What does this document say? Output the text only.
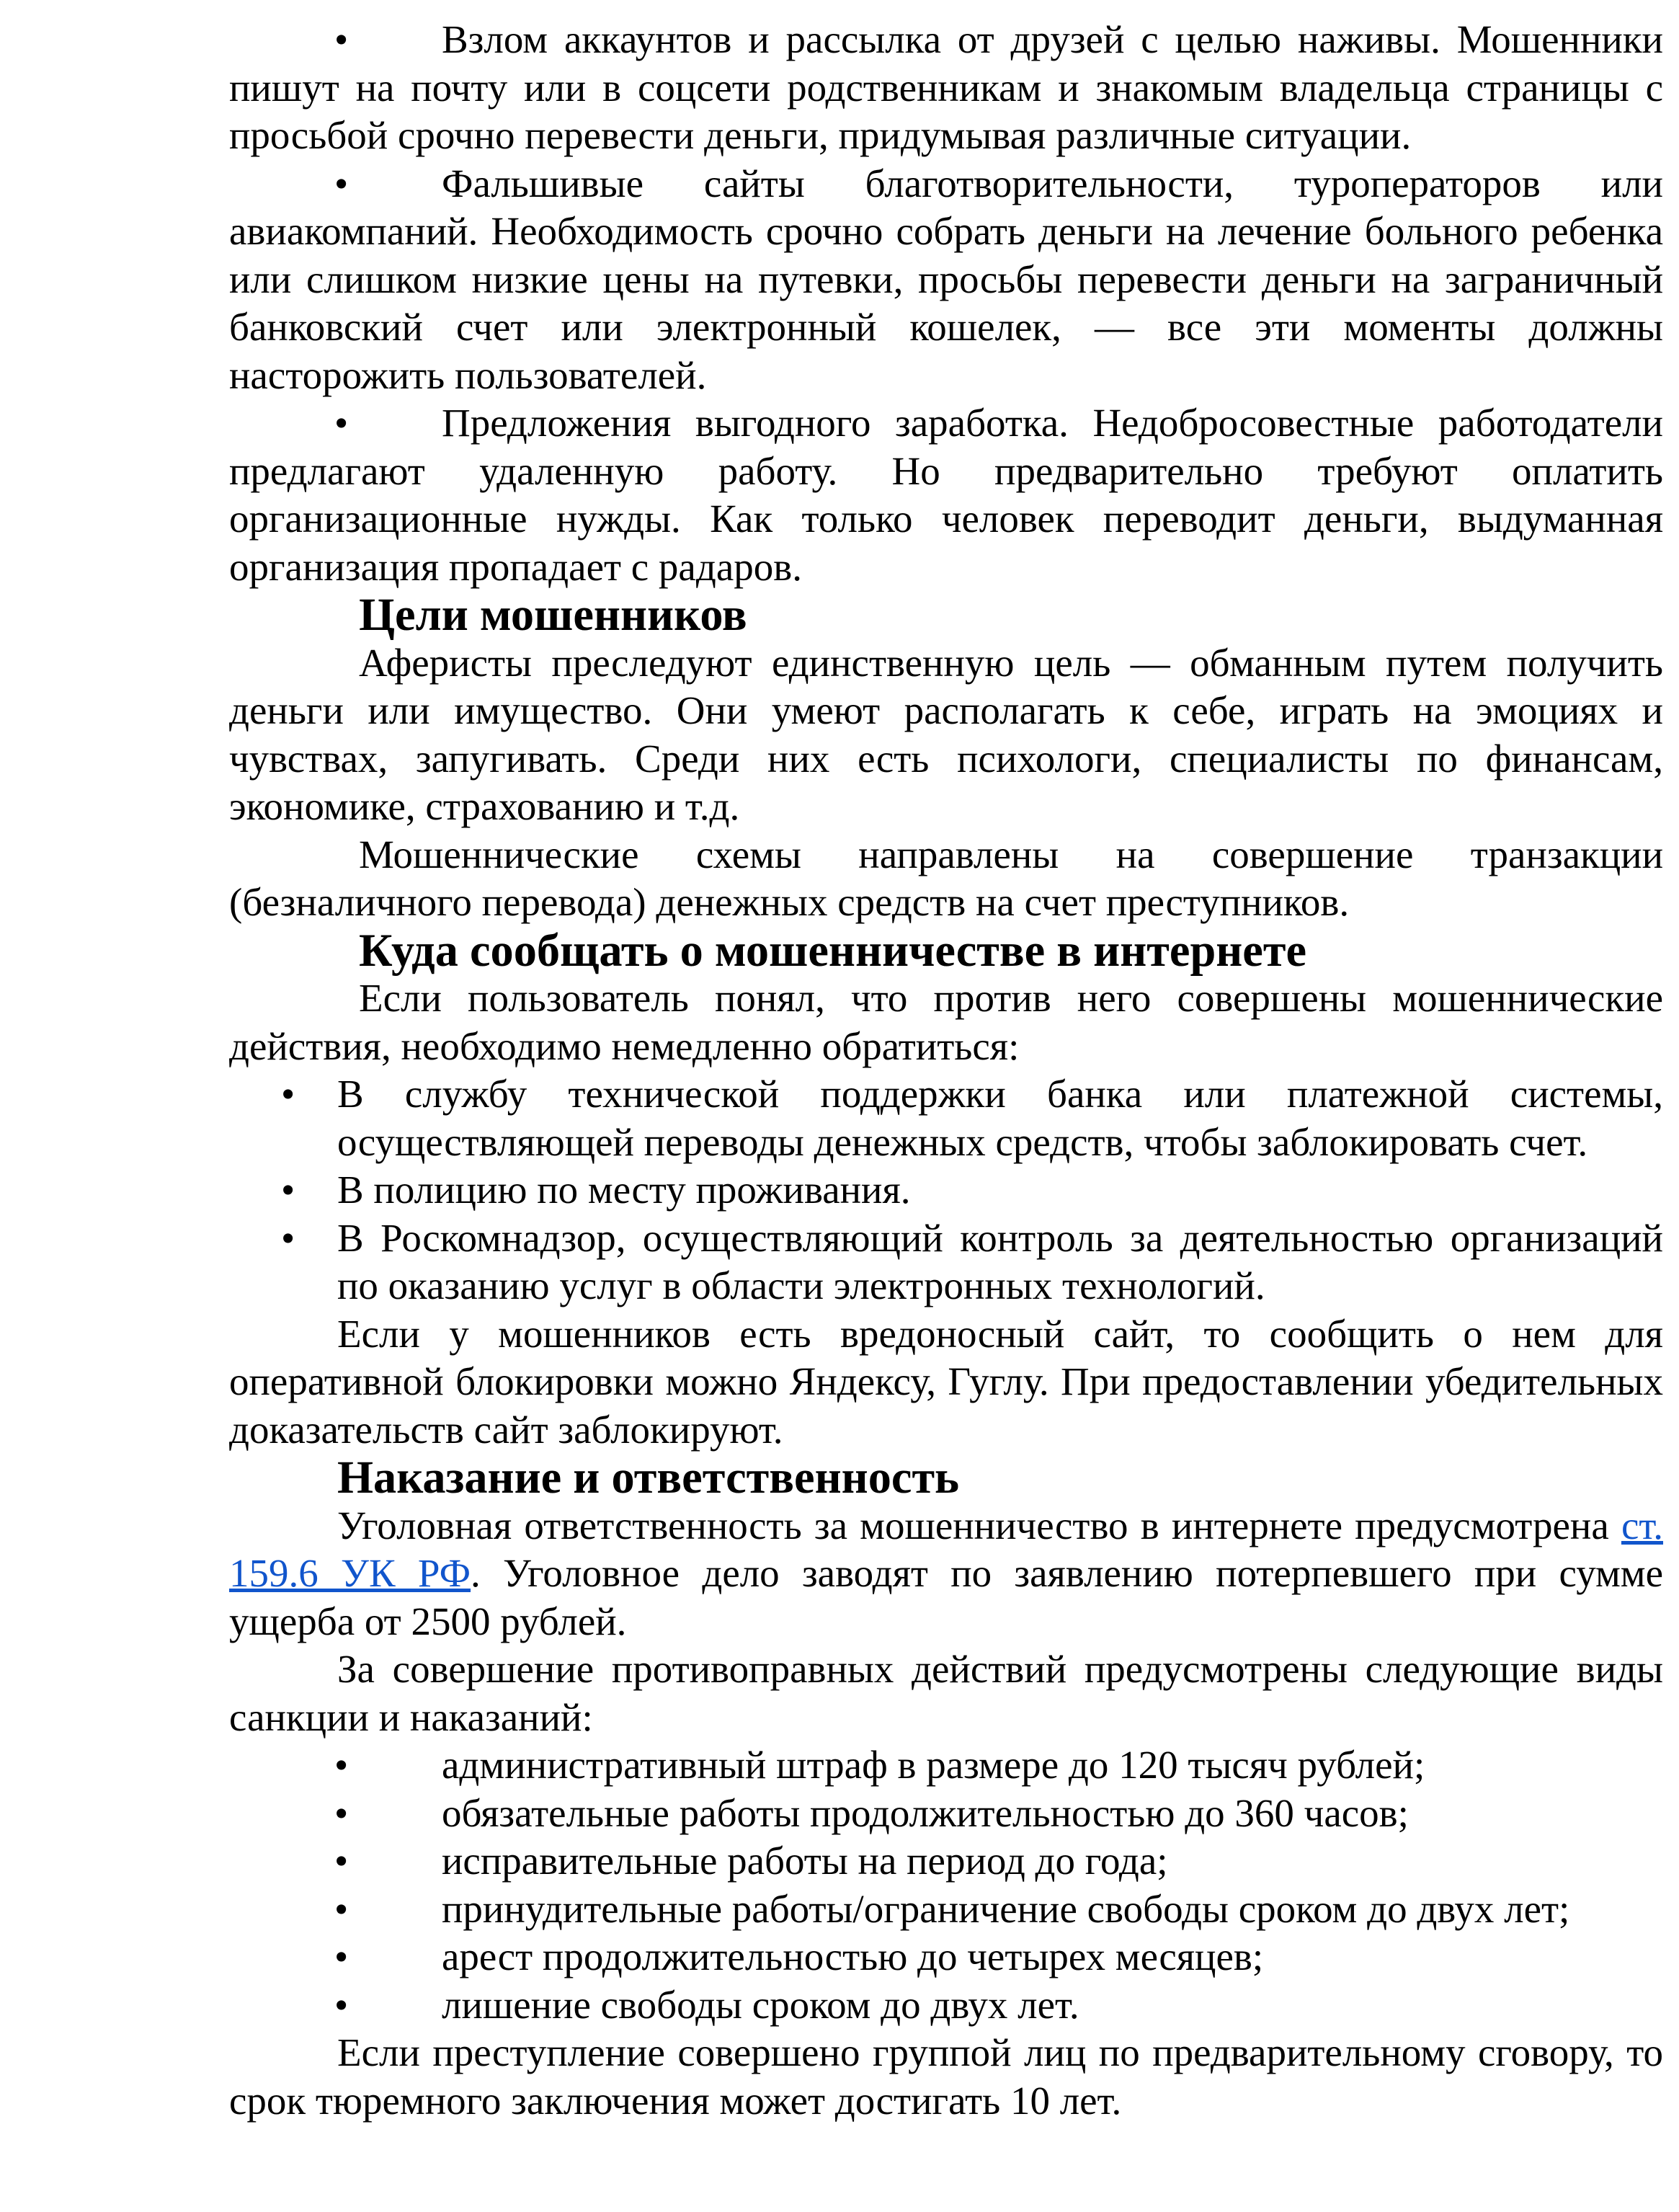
• Взлом аккаунтов и рассылка от друзей с целью наживы. Мошенники пишут на почту или в соцсети родственникам и знакомым владельца страницы с просьбой срочно перевести деньги, придумывая различные ситуации.
• Фальшивые сайты благотворительности, туроператоров или авиакомпаний. Необходимость срочно собрать деньги на лечение больного ребенка или слишком низкие цены на путевки, просьбы перевести деньги на заграничный банковский счет или электронный кошелек, — все эти моменты должны насторожить пользователей.
• Предложения выгодного заработка. Недобросовестные работодатели предлагают удаленную работу. Но предварительно требуют оплатить организационные нужды. Как только человек переводит деньги, выдуманная организация пропадает с радаров.
Цели мошенников

Аферисты преследуют единственную цель — обманным путем получить деньги или имущество. Они умеют располагать к себе, играть на эмоциях и чувствах, запугивать. Среди них есть психологи, специалисты по финансам, экономике, страхованию и т.д.

Мошеннические схемы направлены на совершение транзакции (безналичного перевода) денежных средств на счет преступников.

Куда сообщать о мошенничестве в интернете

Если пользователь понял, что против него совершены мошеннические действия, необходимо немедленно обратиться:

• В службу технической поддержки банка или платежной системы, осуществляющей переводы денежных средств, чтобы заблокировать счет.
• В полицию по месту проживания.
• В Роскомнадзор, осуществляющий контроль за деятельностью организаций по оказанию услуг в области электронных технологий.

Если у мошенников есть вредоносный сайт, то сообщить о нем для оперативной блокировки можно Яндексу, Гуглу. При предоставлении убедительных доказательств сайт заблокируют.

Наказание и ответственность

Уголовная ответственность за мошенничество в интернете предусмотрена ст. 159.6 УК РФ. Уголовное дело заводят по заявлению потерпевшего при сумме ущерба от 2500 рублей.

За совершение противоправных действий предусмотрены следующие виды санкции и наказаний:

• административный штраф в размере до 120 тысяч рублей;
• обязательные работы продолжительностью до 360 часов;
• исправительные работы на период до года;
• принудительные работы/ограничение свободы сроком до двух лет;
• арест продолжительностью до четырех месяцев;
• лишение свободы сроком до двух лет.

Если преступление совершено группой лиц по предварительному сговору, то срок тюремного заключения может достигать 10 лет.
